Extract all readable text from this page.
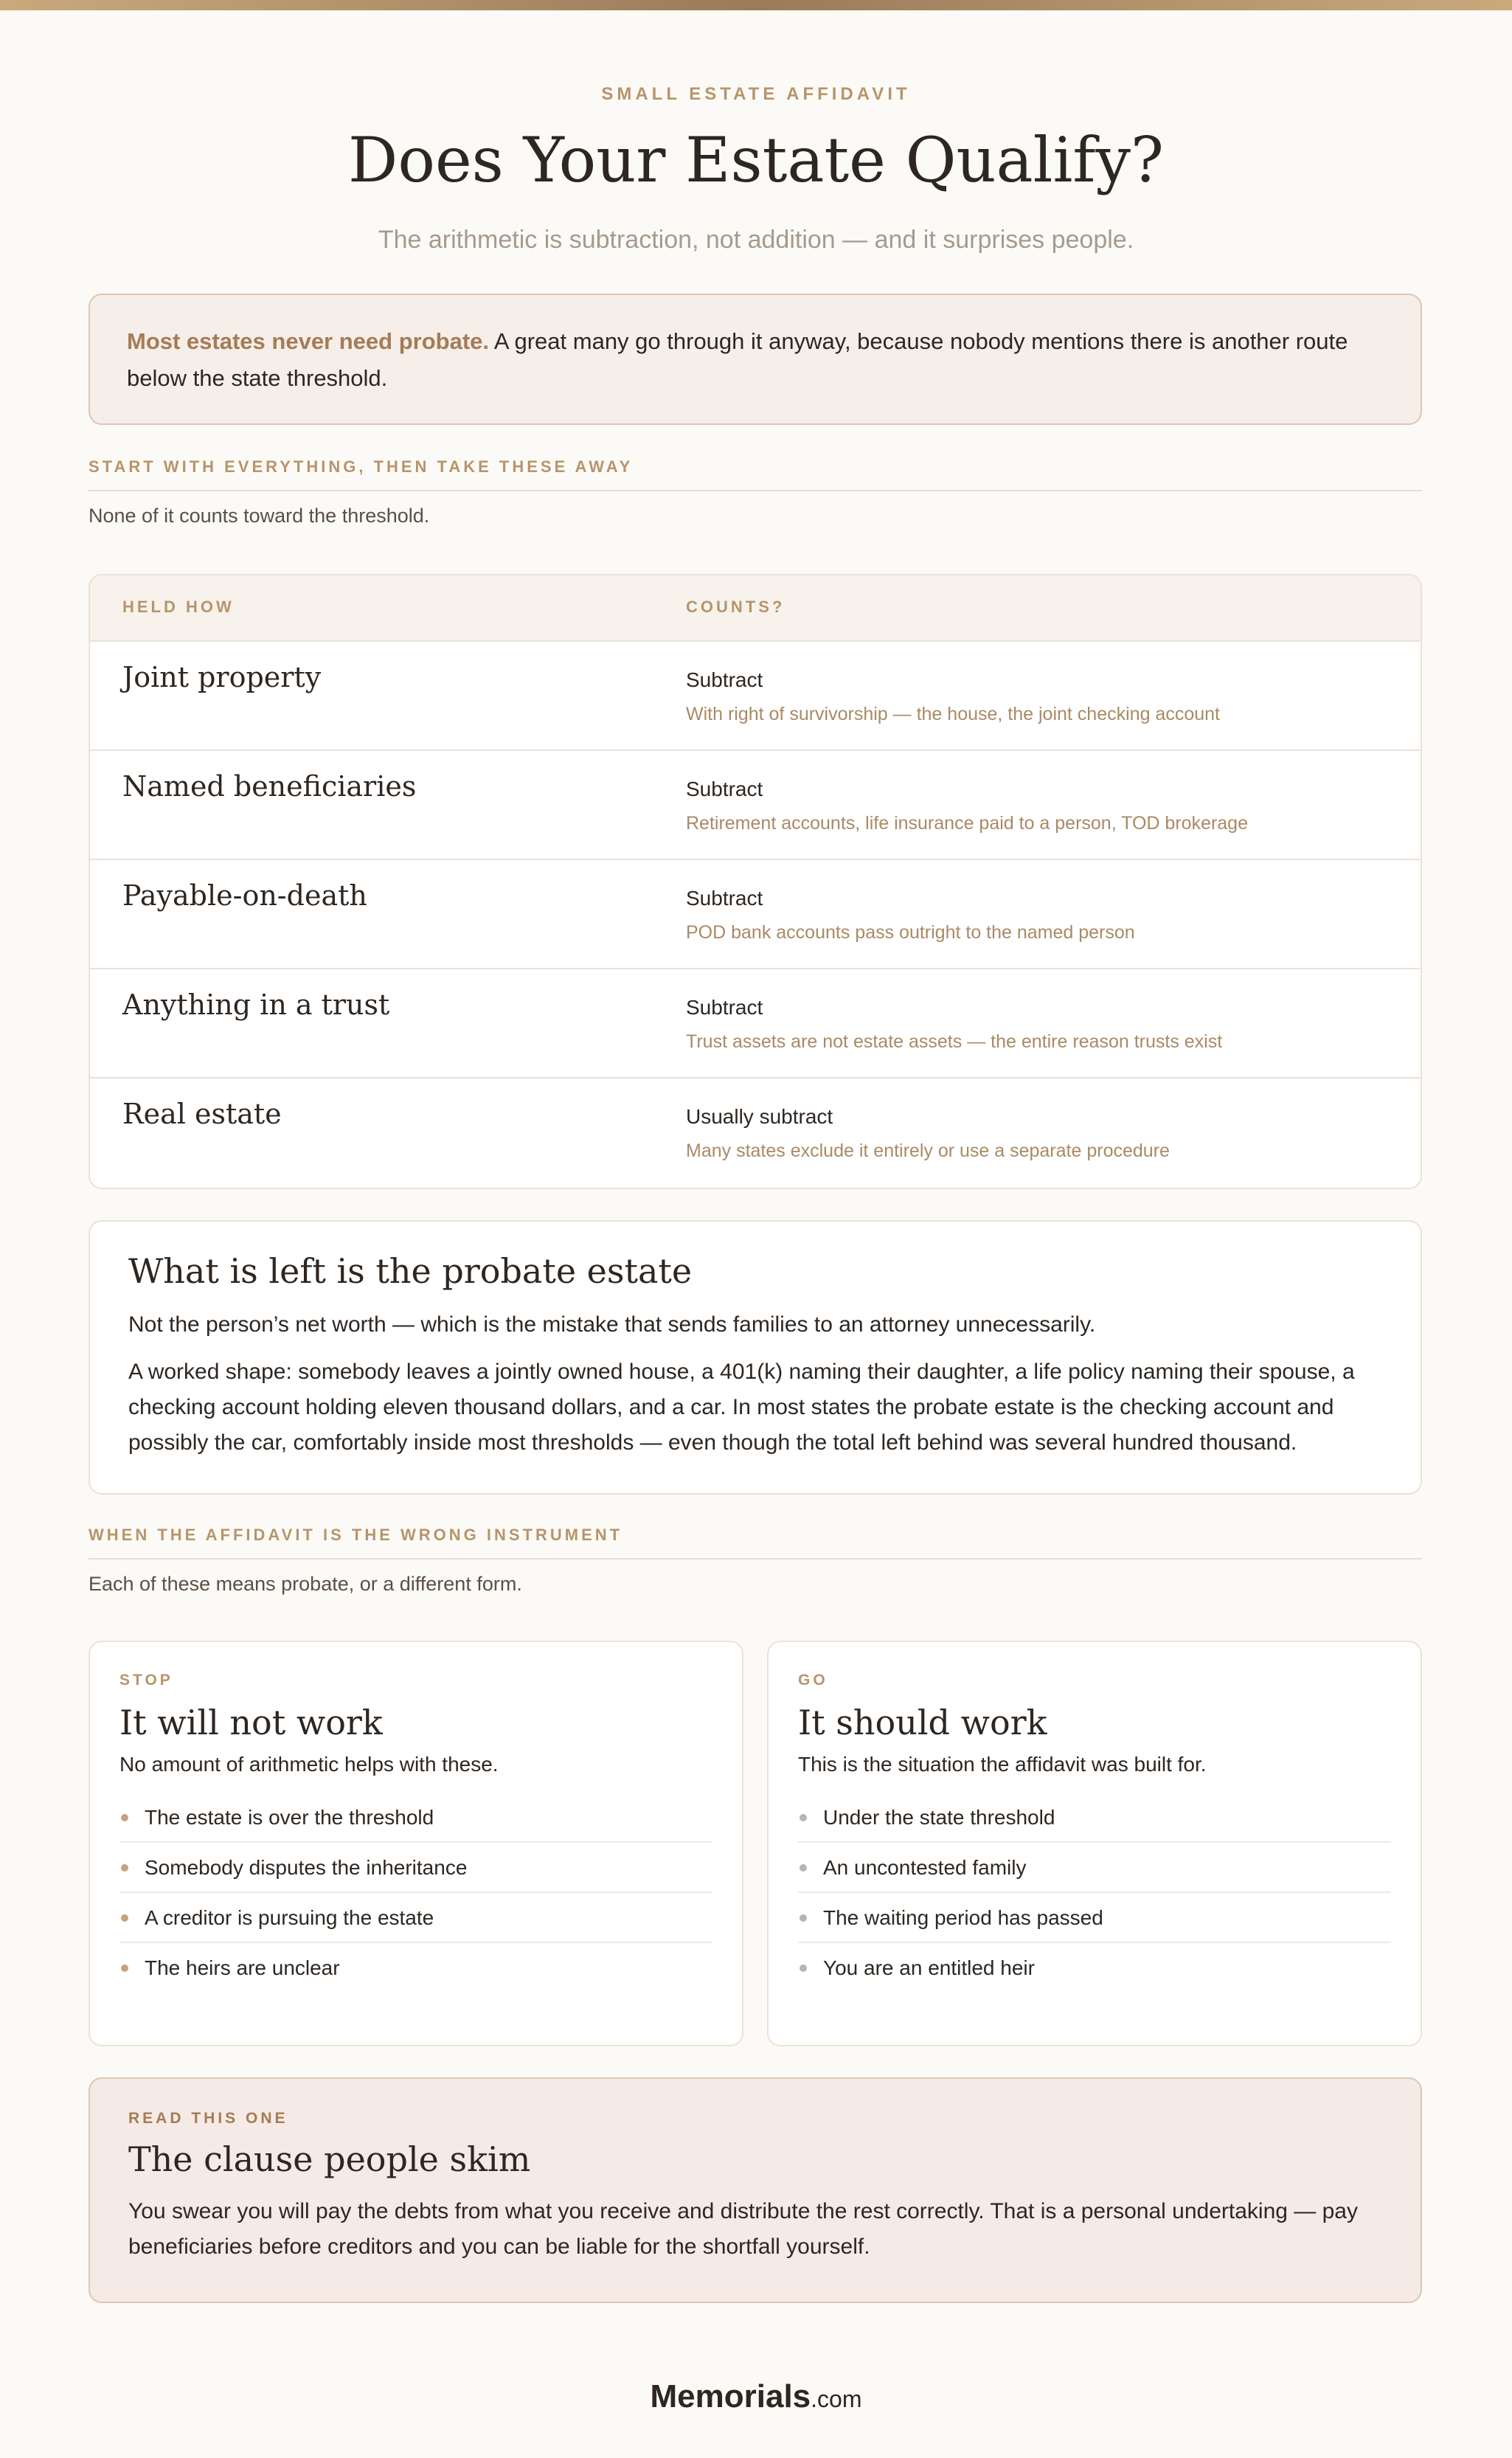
SMALL ESTATE AFFIDAVIT
Does Your Estate Qualify?
The arithmetic is subtraction, not addition — and it surprises people.
Most estates never need probate. A great many go through it anyway, because nobody mentions there is another route below the state threshold.
START WITH EVERYTHING, THEN TAKE THESE AWAY
None of it counts toward the threshold.
HELD HOW	COUNTS?
Joint property	Subtract
With right of survivorship — the house, the joint checking account
Named beneficiaries	Subtract
Retirement accounts, life insurance paid to a person, TOD brokerage
Payable-on-death	Subtract
POD bank accounts pass outright to the named person
Anything in a trust	Subtract
Trust assets are not estate assets — the entire reason trusts exist
Real estate	Usually subtract
Many states exclude it entirely or use a separate procedure
What is left is the probate estate

Not the person’s net worth — which is the mistake that sends families to an attorney unnecessarily.

A worked shape: somebody leaves a jointly owned house, a 401(k) naming their daughter, a life policy naming their spouse, a checking account holding eleven thousand dollars, and a car. In most states the probate estate is the checking account and possibly the car, comfortably inside most thresholds — even though the total left behind was several hundred thousand.

WHEN THE AFFIDAVIT IS THE WRONG INSTRUMENT
Each of these means probate, or a different form.
STOP
It will not work
No amount of arithmetic helps with these.
The estate is over the threshold
Somebody disputes the inheritance
A creditor is pursuing the estate
The heirs are unclear
GO
It should work
This is the situation the affidavit was built for.
Under the state threshold
An uncontested family
The waiting period has passed
You are an entitled heir
READ THIS ONE
The clause people skim

You swear you will pay the debts from what you receive and distribute the rest correctly. That is a personal undertaking — pay beneficiaries before creditors and you can be liable for the shortfall yourself.

Memorials.com
